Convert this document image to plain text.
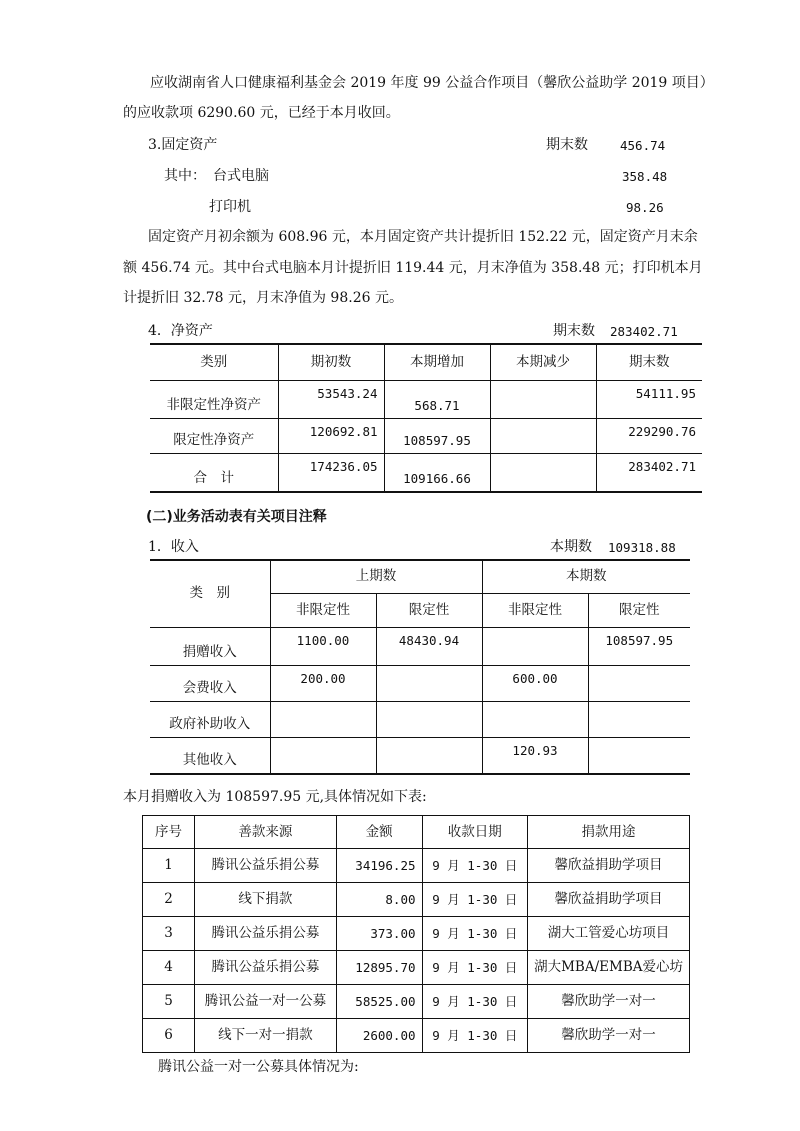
应收湖南省人口健康福利基金会 2019 年度 99 公益合作项目（馨欣公益助学 2019 项目）
的应收款项 6290.60 元，已经于本月收回。
3.固定资产	期末数	456.74
其中： 台式电脑	358.48
打印机	98.26
固定资产月初余额为 608.96 元，本月固定资产共计提折旧 152.22 元，固定资产月末余
额 456.74 元。其中台式电脑本月计提折旧 119.44 元，月末净值为 358.48 元；打印机本月
计提折旧 32.78 元，月末净值为 98.26 元。
4．净资产	期末数 283402.71
类别	期初数	本期增加	本期减少	期末数
非限定性净资产	53543.24	568.71		54111.95
限定性净资产	120692.81	108597.95		229290.76
合　计	174236.05	109166.66		283402.71
(二)业务活动表有关项目注释
1．收入	本期数 109318.88
类　别	上期数		本期数	
	非限定性	限定性	非限定性	限定性
捐赠收入	1100.00	48430.94		108597.95
会费收入	200.00		600.00	
政府补助收入				
其他收入			120.93	
本月捐赠收入为 108597.95 元,具体情况如下表:
序号	善款来源	金额	收款日期	捐款用途
1	腾讯公益乐捐公募	34196.25	9 月 1-30 日	馨欣益捐助学项目
2	线下捐款	8.00	9 月 1-30 日	馨欣益捐助学项目
3	腾讯公益乐捐公募	373.00	9 月 1-30 日	湖大工管爱心坊项目
4	腾讯公益乐捐公募	12895.70	9 月 1-30 日	湖大MBA/EMBA爱心坊
5	腾讯公益一对一公募	58525.00	9 月 1-30 日	馨欣助学一对一
6	线下一对一捐款	2600.00	9 月 1-30 日	馨欣助学一对一
腾讯公益一对一公募具体情况为:
